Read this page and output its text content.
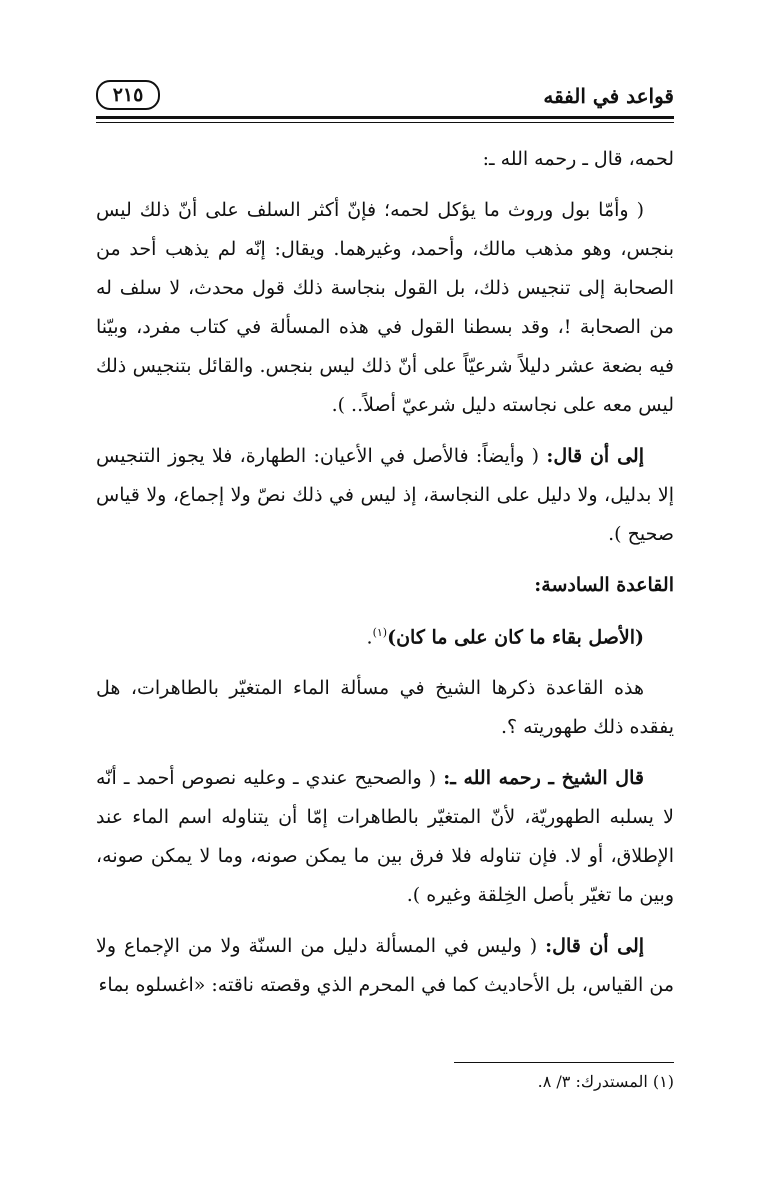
قواعد في الفقه
٢١٥

لحمه، قال ـ رحمه الله ـ:

( وأمّا بول وروث ما يؤكل لحمه؛ فإنّ أكثر السلف على أنّ ذلك ليس بنجس، وهو مذهب مالك، وأحمد، وغيرهما. ويقال: إنّه لم يذهب أحد من الصحابة إلى تنجيس ذلك، بل القول بنجاسة ذلك قول محدث، لا سلف له من الصحابة !، وقد بسطنا القول في هذه المسألة في كتاب مفرد، وبيّنا فيه بضعة عشر دليلاً شرعيّاً على أنّ ذلك ليس بنجس. والقائل بتنجيس ذلك ليس معه على نجاسته دليل شرعيّ أصلاً.. ).

إلى أن قال: ( وأيضاً: فالأصل في الأعيان: الطهارة، فلا يجوز التنجيس إلا بدليل، ولا دليل على النجاسة، إذ ليس في ذلك نصّ ولا إجماع، ولا قياس صحيح ).

القاعدة السادسة:

(الأصل بقاء ما كان على ما كان)$^{(١)}$.

هذه القاعدة ذكرها الشيخ في مسألة الماء المتغيّر بالطاهرات، هل يفقده ذلك طهوريته ؟.

قال الشيخ ـ رحمه الله ـ: ( والصحيح عندي ـ وعليه نصوص أحمد ـ أنّه لا يسلبه الطهوريّة، لأنّ المتغيّر بالطاهرات إمّا أن يتناوله اسم الماء عند الإطلاق، أو لا. فإن تناوله فلا فرق بين ما يمكن صونه، وما لا يمكن صونه، وبين ما تغيّر بأصل الخِلقة وغيره ).

إلى أن قال: ( وليس في المسألة دليل من السنّة ولا من الإجماع ولا من القياس، بل الأحاديث كما في المحرم الذي وقصته ناقته: «اغسلوه بماء

(١) المستدرك: ٣/ ٨.
